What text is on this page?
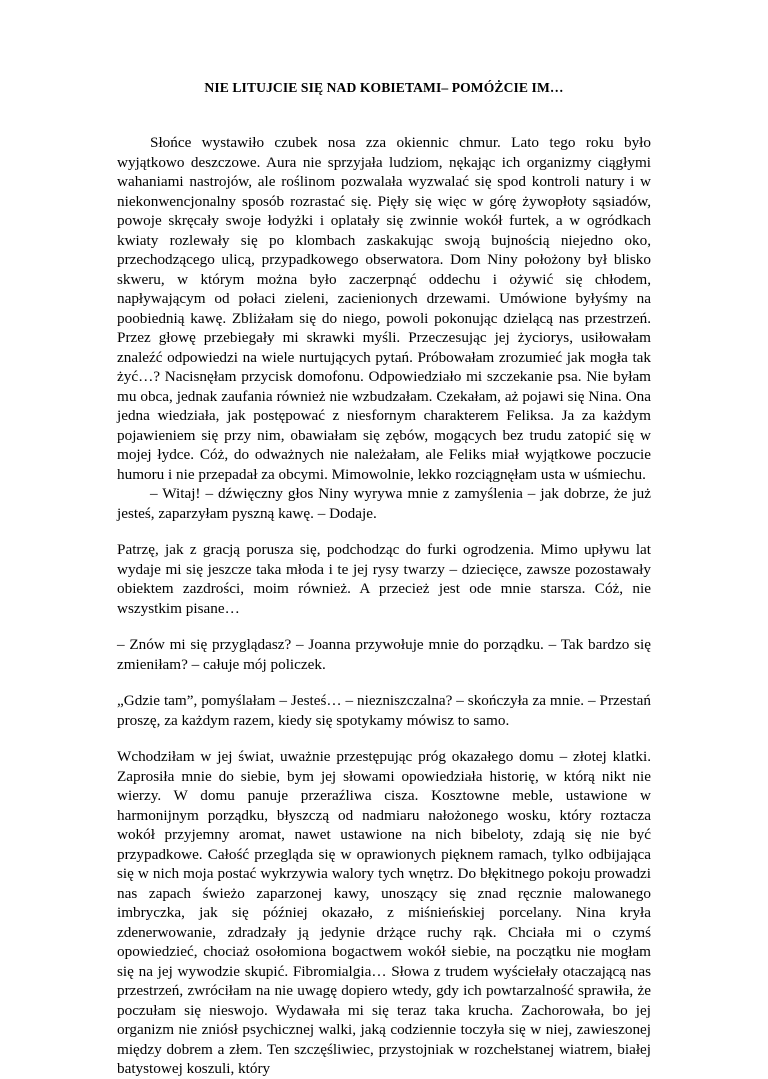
NIE LITUJCIE SIĘ NAD KOBIETAMI– POMÓŻCIE IM…

Słońce wystawiło czubek nosa zza okiennic chmur. Lato tego roku było wyjątkowo deszczowe. Aura nie sprzyjała ludziom, nękając ich organizmy ciągłymi wahaniami nastrojów, ale roślinom pozwalała wyzwalać się spod kontroli natury i w niekonwencjonalny sposób rozrastać się. Pięły się więc w górę żywopłoty sąsiadów, powoje skręcały swoje łodyżki i oplatały się zwinnie wokół furtek, a w ogródkach kwiaty rozlewały się po klombach zaskakując swoją bujnością niejedno oko, przechodzącego ulicą, przypadkowego obserwatora. Dom Niny położony był blisko skweru, w którym można było zaczerpnąć oddechu i ożywić się chłodem, napływającym od połaci zieleni, zacienionych drzewami. Umówione byłyśmy na poobiednią kawę. Zbliżałam się do niego, powoli pokonując dzielącą nas przestrzeń. Przez głowę przebiegały mi skrawki myśli. Przeczesując jej życiorys, usiłowałam znaleźć odpowiedzi na wiele nurtujących pytań. Próbowałam zrozumieć jak mogła tak żyć…? Nacisnęłam przycisk domofonu. Odpowiedziało mi szczekanie psa. Nie byłam mu obca, jednak zaufania również nie wzbudzałam. Czekałam, aż pojawi się Nina. Ona jedna wiedziała, jak postępować z niesfornym charakterem Feliksa. Ja za każdym pojawieniem się przy nim, obawiałam się zębów, mogących bez trudu zatopić się w mojej łydce. Cóż, do odważnych nie należałam, ale Feliks miał wyjątkowe poczucie humoru i nie przepadał za obcymi. Mimowolnie, lekko rozciągnęłam usta w uśmiechu.

– Witaj! – dźwięczny głos Niny wyrywa mnie z zamyślenia – jak dobrze, że już jesteś, zaparzyłam pyszną kawę. – Dodaje.

Patrzę, jak z gracją porusza się, podchodząc do furki ogrodzenia. Mimo upływu lat wydaje mi się jeszcze taka młoda i te jej rysy twarzy – dziecięce, zawsze pozostawały obiektem zazdrości, moim również. A przecież jest ode mnie starsza. Cóż, nie wszystkim pisane…

– Znów mi się przyglądasz? – Joanna przywołuje mnie do porządku. – Tak bardzo się zmieniłam? – całuje mój policzek.

„Gdzie tam”, pomyślałam – Jesteś… – niezniszczalna? – skończyła za mnie. – Przestań proszę, za każdym razem, kiedy się spotykamy mówisz to samo.

Wchodziłam w jej świat, uważnie przestępując próg okazałego domu – złotej klatki. Zaprosiła mnie do siebie, bym jej słowami opowiedziała historię, w którą nikt nie wierzy. W domu panuje przeraźliwa cisza. Kosztowne meble, ustawione w harmonijnym porządku, błyszczą od nadmiaru nałożonego wosku, który roztacza wokół przyjemny aromat, nawet ustawione na nich bibeloty, zdają się nie być przypadkowe. Całość przegląda się w oprawionych pięknem ramach, tylko odbijająca się w nich moja postać wykrzywia walory tych wnętrz. Do błękitnego pokoju prowadzi nas zapach świeżo zaparzonej kawy, unoszący się znad ręcznie malowanego imbryczka, jak się później okazało, z miśnieńskiej porcelany. Nina kryła zdenerwowanie, zdradzały ją jedynie drżące ruchy rąk. Chciała mi o czymś opowiedzieć, chociaż osołomiona bogactwem wokół siebie, na początku nie mogłam się na jej wywodzie skupić. Fibromialgia… Słowa z trudem wyściełały otaczającą nas przestrzeń, zwróciłam na nie uwagę dopiero wtedy, gdy ich powtarzalność sprawiła, że poczułam się nieswojo. Wydawała mi się teraz taka krucha. Zachorowała, bo jej organizm nie zniósł psychicznej walki, jaką codziennie toczyła się w niej, zawieszonej między dobrem a złem. Ten szczęśliwiec, przystojniak w rozchełstanej wiatrem, białej batystowej koszuli, który
